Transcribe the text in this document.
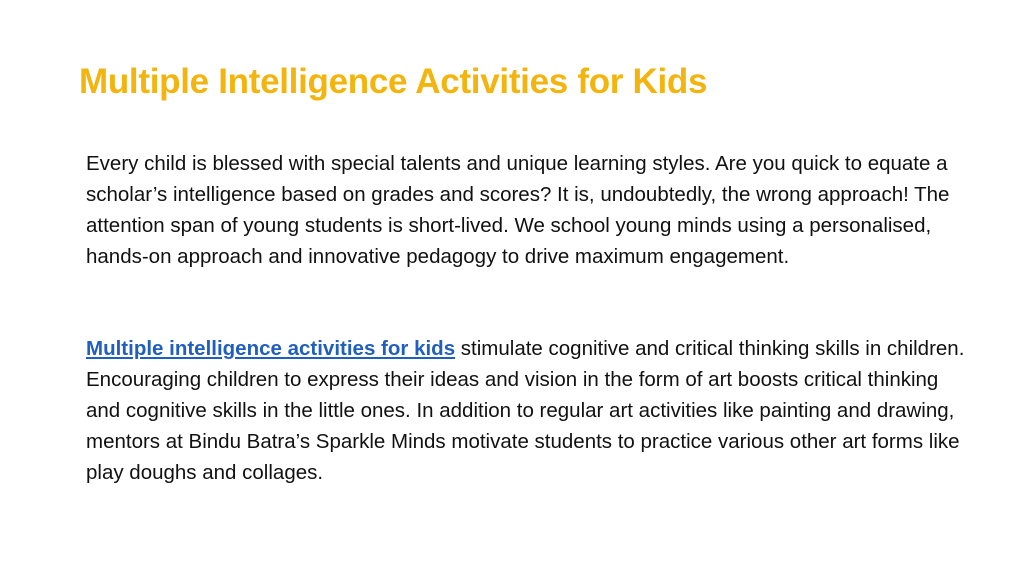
Multiple Intelligence Activities for Kids

Every child is blessed with special talents and unique learning styles. Are you quick to equate a scholar’s intelligence based on grades and scores? It is, undoubtedly, the wrong approach! The attention span of young students is short-lived. We school young minds using a personalised, hands-on approach and innovative pedagogy to drive maximum engagement.

Multiple intelligence activities for kids stimulate cognitive and critical thinking skills in children. Encouraging children to express their ideas and vision in the form of art boosts critical thinking and cognitive skills in the little ones. In addition to regular art activities like painting and drawing, mentors at Bindu Batra’s Sparkle Minds motivate students to practice various other art forms like play doughs and collages.
